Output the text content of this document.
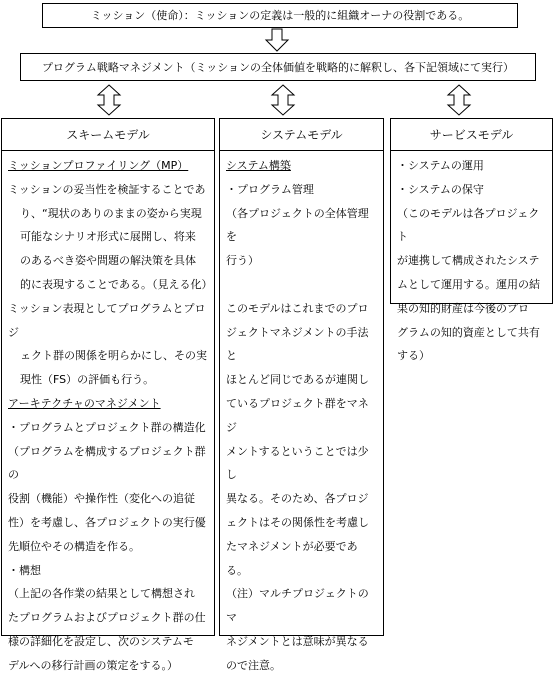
ミッション（使命）：ミッションの定義は一般的に組織オーナの役割である。
プログラム戦略マネジメント（ミッションの全体価値を戦略的に解釈し、各下記領域にて実行）
スキームモデル
ミッションプロファイリング（MP）
ミッションの妥当性を検証することであ
り、“現状のありのままの姿から実現
可能なシナリオ形式に展開し、将来
のあるべき姿や問題の解決策を具体
的に表現することである。（見える化）
ミッション表現としてプログラムとプロジ
ェクト群の関係を明らかにし、その実
現性（FS）の評価も行う。
アーキテクチャのマネジメント
・プログラムとプロジェクト群の構造化
（プログラムを構成するプロジェクト群の
役割（機能）や操作性（変化への追従
性）を考慮し、各プロジェクトの実行優
先順位やその構造を作る。
・構想
（上記の各作業の結果として構想され
たプログラムおよびプロジェクト群の仕
様の詳細化を設定し、次のシステムモ
デルへの移行計画の策定をする。）
システムモデル
システム構築
・プログラム管理
（各プロジェクトの全体管理を
行う）
このモデルはこれまでのプロ
ジェクトマネジメントの手法と
ほとんど同じであるが連関し
ているプロジェクト群をマネジ
メントするということでは少し
異なる。そのため、各プロジ
ェクトはその関係性を考慮し
たマネジメントが必要であ
る。
（注）マルチプロジェクトのマ
ネジメントとは意味が異なる
ので注意。
サービスモデル
・システムの運用
・システムの保守
（このモデルは各プロジェクト
が連携して構成されたシステ
ムとして運用する。運用の結
果の知的財産は今後のプロ
グラムの知的資産として共有
する）
